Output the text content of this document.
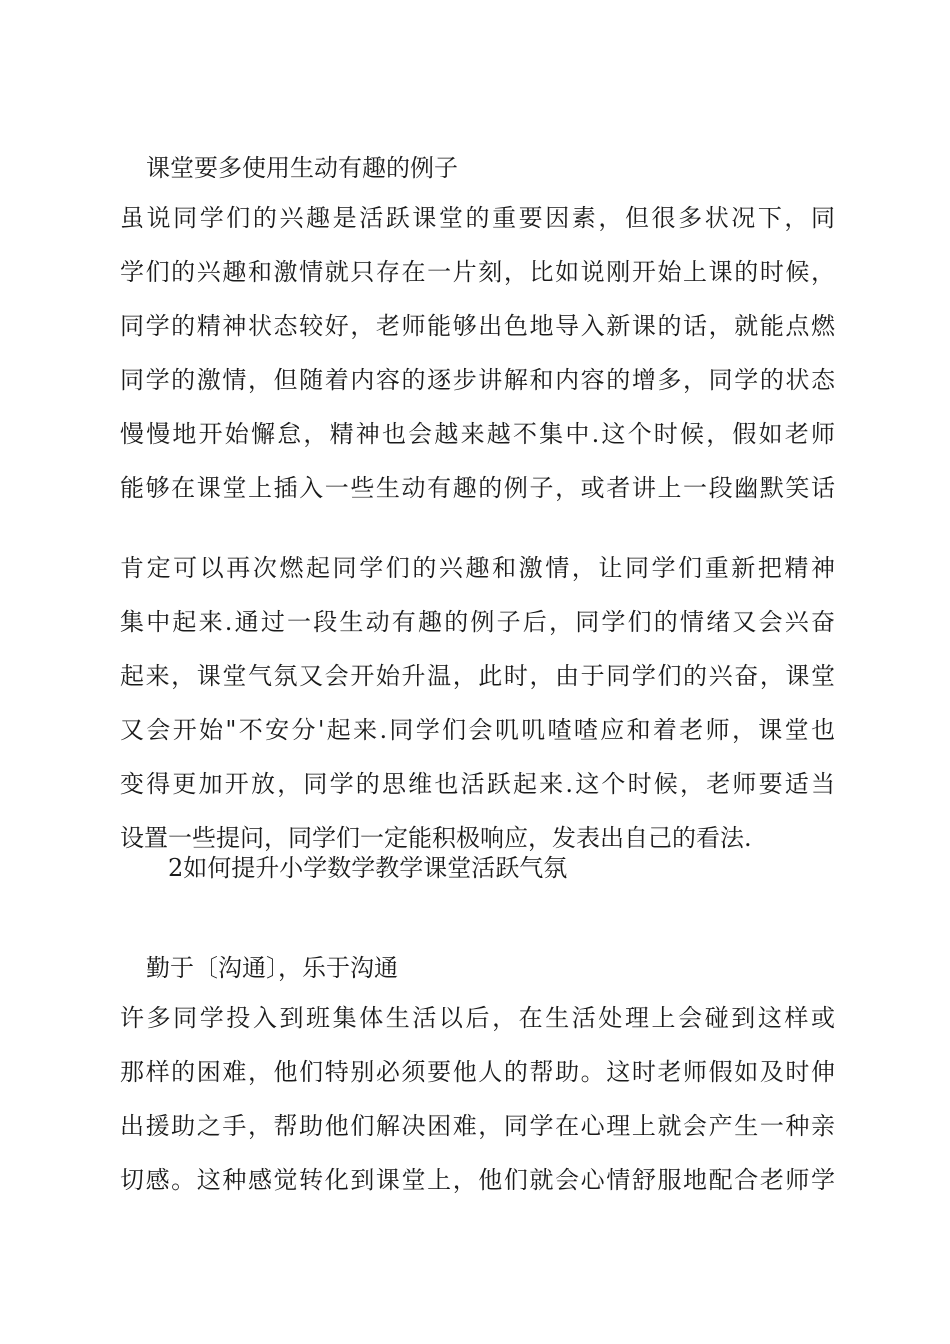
课堂要多使用生动有趣的例子
虽说同学们的兴趣是活跃课堂的重要因素，但很多状况下，同
学们的兴趣和激情就只存在一片刻，比如说刚开始上课的时候，
同学的精神状态较好，老师能够出色地导入新课的话，就能点燃
同学的激情，但随着内容的逐步讲解和内容的增多，同学的状态
慢慢地开始懈怠，精神也会越来越不集中.这个时候，假如老师
能够在课堂上插入一些生动有趣的例子，或者讲上一段幽默笑话
肯定可以再次燃起同学们的兴趣和激情，让同学们重新把精神
集中起来.通过一段生动有趣的例子后，同学们的情绪又会兴奋
起来，课堂气氛又会开始升温，此时，由于同学们的兴奋，课堂
又会开始"不安分'起来.同学们会叽叽喳喳应和着老师，课堂也
变得更加开放，同学的思维也活跃起来.这个时候，老师要适当
设置一些提问，同学们一定能积极响应，发表出自己的看法.
2如何提升小学数学教学课堂活跃气氛
勤于〔沟通〕，乐于沟通
许多同学投入到班集体生活以后，在生活处理上会碰到这样或
那样的困难，他们特别必须要他人的帮助。这时老师假如及时伸
出援助之手，帮助他们解决困难，同学在心理上就会产生一种亲
切感。这种感觉转化到课堂上，他们就会心情舒服地配合老师学
